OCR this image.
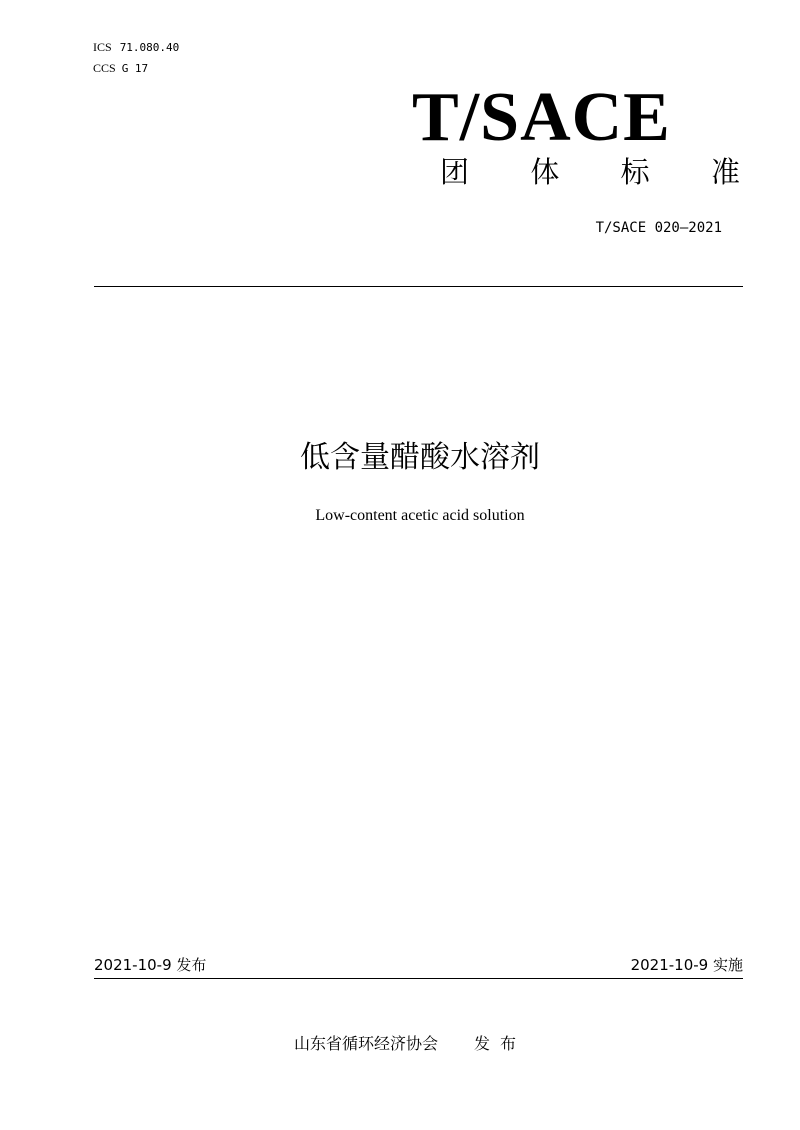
ICS 71.080.40
CCS G 17
T/SACE
团 体 标 准
T/SACE 020—2021
低含量醋酸水溶剂
Low-content acetic acid solution
2021-10-9 发布	2021-10-9 实施
山东省循环经济协会 发布
